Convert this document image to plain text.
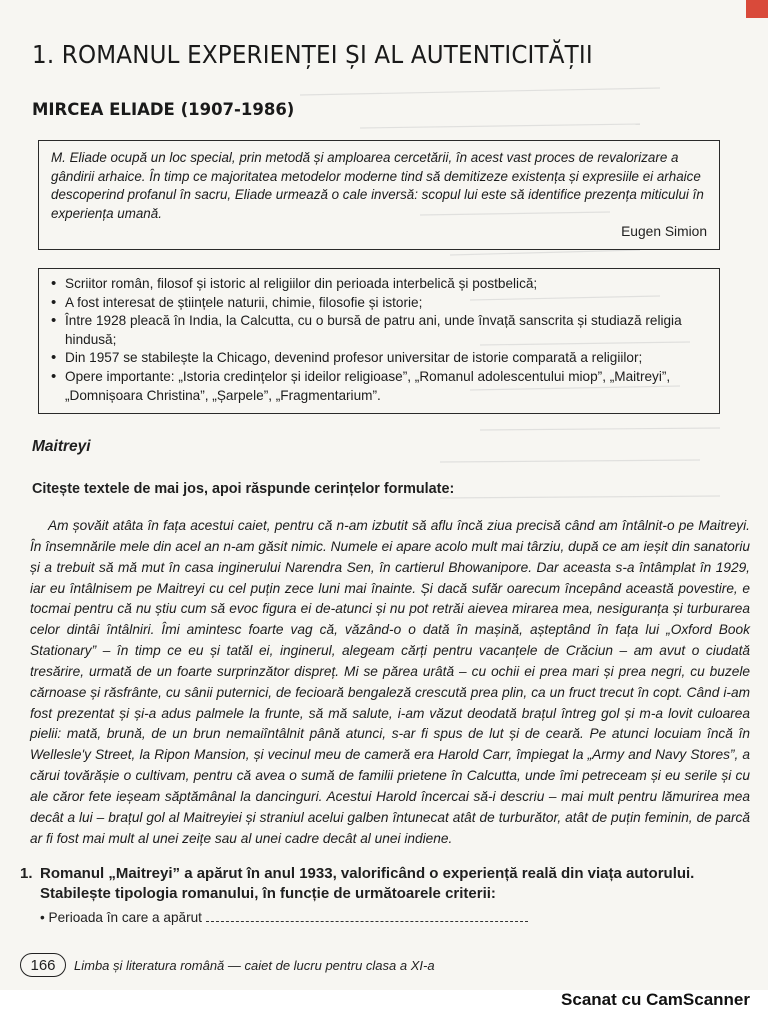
1. ROMANUL EXPERIENȚEI ȘI AL AUTENTICITĂȚII
MIRCEA ELIADE (1907-1986)
M. Eliade ocupă un loc special, prin metodă și amploarea cercetării, în acest vast proces de revalorizare a gândirii arhaice. În timp ce majoritatea metodelor moderne tind să demitizeze existența și expresiile ei arhaice descoperind profanul în sacru, Eliade urmează o cale inversă: scopul lui este să identifice prezența miticului în experiența umană.
Eugen Simion
• Scriitor român, filosof și istoric al religiilor din perioada interbelică și postbelică;
• A fost interesat de științele naturii, chimie, filosofie și istorie;
• Între 1928 pleacă în India, la Calcutta, cu o bursă de patru ani, unde învață sanscrita și studiază religia hindusă;
• Din 1957 se stabilește la Chicago, devenind profesor universitar de istorie comparată a religiilor;
• Opere importante: „Istoria credințelor și ideilor religioase”, „Romanul adolescentului miop”, „Maitreyi”, „Domnișoara Christina”, „Șarpele”, „Fragmentarium”.
Maitreyi
Citește textele de mai jos, apoi răspunde cerințelor formulate:

Am șovăit atâta în fața acestui caiet, pentru că n-am izbutit să aflu încă ziua precisă când am întâlnit-o pe Maitreyi. În însemnările mele din acel an n-am găsit nimic. Numele ei apare acolo mult mai târziu, după ce am ieșit din sanatoriu și a trebuit să mă mut în casa inginerului Narendra Sen, în cartierul Bhowanipore. Dar aceasta s-a întâmplat în 1929, iar eu întâlnisem pe Maitreyi cu cel puțin zece luni mai înainte. Și dacă sufăr oarecum începând această povestire, e tocmai pentru că nu știu cum să evoc figura ei de-atunci și nu pot retrăi aievea mirarea mea, nesiguranța și turburarea celor dintâi întâlniri. Îmi amintesc foarte vag că, văzând-o o dată în mașină, așteptând în fața lui „Oxford Book Stationary” – în timp ce eu și tatăl ei, inginerul, alegeam cărți pentru vacanțele de Crăciun – am avut o ciudată tresărire, urmată de un foarte surprinzător dispreț. Mi se părea urâtă – cu ochii ei prea mari și prea negri, cu buzele cărnoase și răsfrânte, cu sânii puternici, de fecioară bengaleză crescută prea plin, ca un fruct trecut în copt. Când i-am fost prezentat și și-a adus palmele la frunte, să mă salute, i-am văzut deodată brațul întreg gol și m-a lovit culoarea pielii: mată, brună, de un brun nemaiîntâlnit până atunci, s-ar fi spus de lut și de ceară. Pe atunci locuiam încă în Wellesle'y Street, la Ripon Mansion, și vecinul meu de cameră era Harold Carr, împiegat la „Army and Navy Stores”, a cărui tovărășie o cultivam, pentru că avea o sumă de familii prietene în Calcutta, unde îmi petreceam și eu serile și cu ale căror fete ieșeam săptămânal la dancinguri. Acestui Harold încercai să-i descriu – mai mult pentru lămurirea mea decât a lui – brațul gol al Maitreyiei și straniul acelui galben întunecat atât de turburător, atât de puțin feminin, de parcă ar fi fost mai mult al unei zeițe sau al unei cadre decât al unei indiene.

1. Romanul „Maitreyi” a apărut în anul 1933, valorificând o experiență reală din viața autorului.
Stabilește tipologia romanului, în funcție de următoarele criterii:
• Perioada în care a apărut
166	Limba și literatura română — caiet de lucru pentru clasa a XI-a
Scanat cu CamScanner
